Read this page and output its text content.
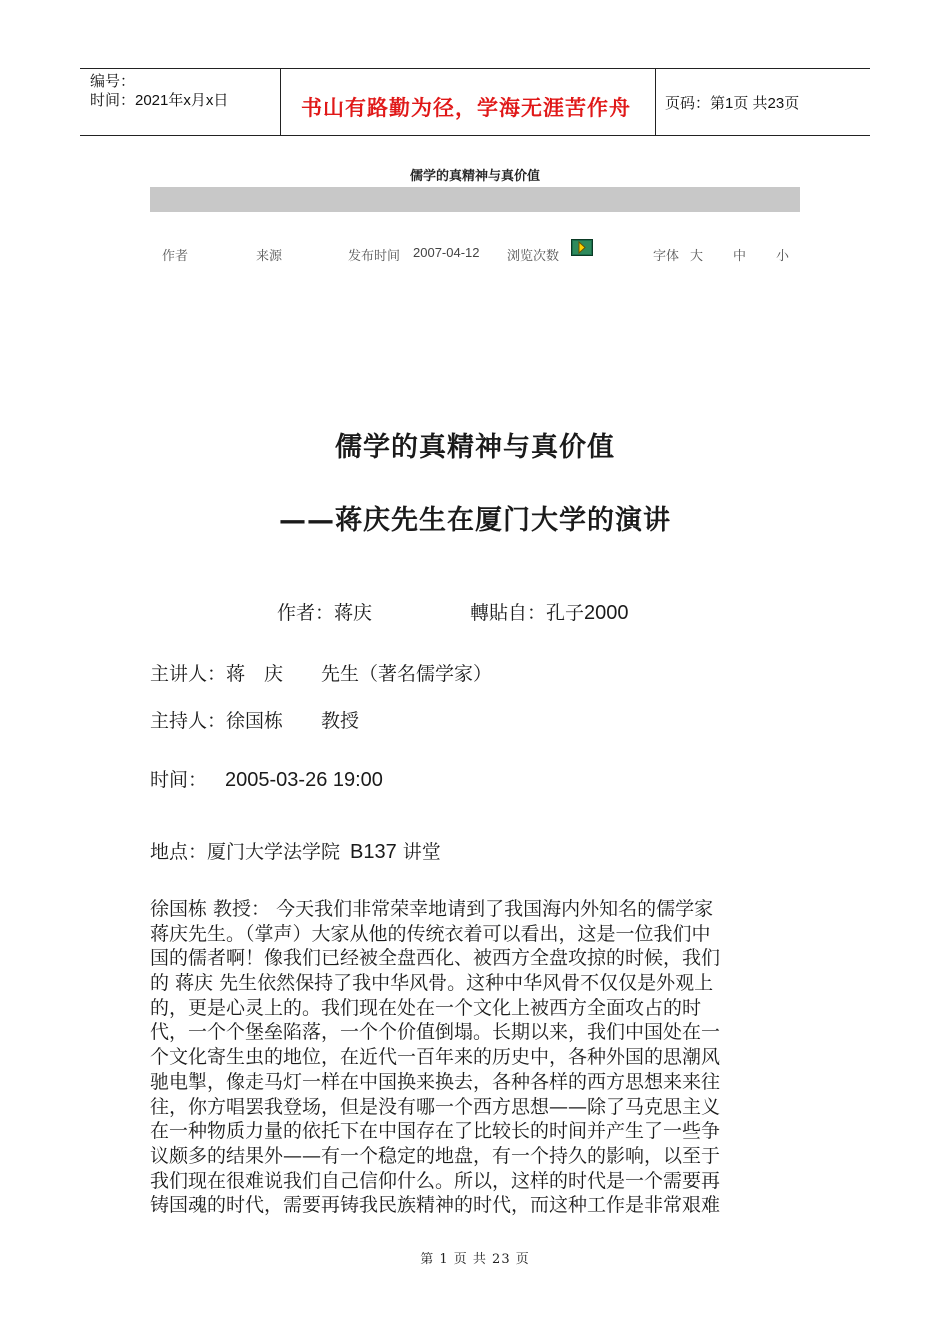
编号：
时间：2021年x月x日	书山有路勤为径，学海无涯苦作舟 页码：第1页 共23页
儒学的真精神与真价值
作者	来源	发布时间 2007-04-12 浏览次数	字体 大 中 小
儒学的真精神与真价值
——蒋庆先生在厦门大学的演讲
作者：蒋庆	轉貼自：孔子2000
主讲人：蒋　庆　　先生（著名儒学家）
主持人：徐国栋　　教授
时间： 2005-03-26 19:00
地点：厦门大学法学院 B137 讲堂
徐国栋 教授： 今天我们非常荣幸地请到了我国海内外知名的儒学家
蒋庆先生。（掌声）大家从他的传统衣着可以看出，这是一位我们中
国的儒者啊！像我们已经被全盘西化、被西方全盘攻掠的时候，我们
的 蒋庆 先生依然保持了我中华风骨。这种中华风骨不仅仅是外观上
的，更是心灵上的。我们现在处在一个文化上被西方全面攻占的时
代，一个个堡垒陷落，一个个价值倒塌。长期以来，我们中国处在一
个文化寄生虫的地位，在近代一百年来的历史中，各种外国的思潮风
驰电掣，像走马灯一样在中国换来换去，各种各样的西方思想来来往
往，你方唱罢我登场，但是没有哪一个西方思想——除了马克思主义
在一种物质力量的依托下在中国存在了比较长的时间并产生了一些争
议颇多的结果外——有一个稳定的地盘，有一个持久的影响，以至于
我们现在很难说我们自己信仰什么。所以，这样的时代是一个需要再
铸国魂的时代，需要再铸我民族精神的时代，而这种工作是非常艰难
第 1 页 共 23 页
